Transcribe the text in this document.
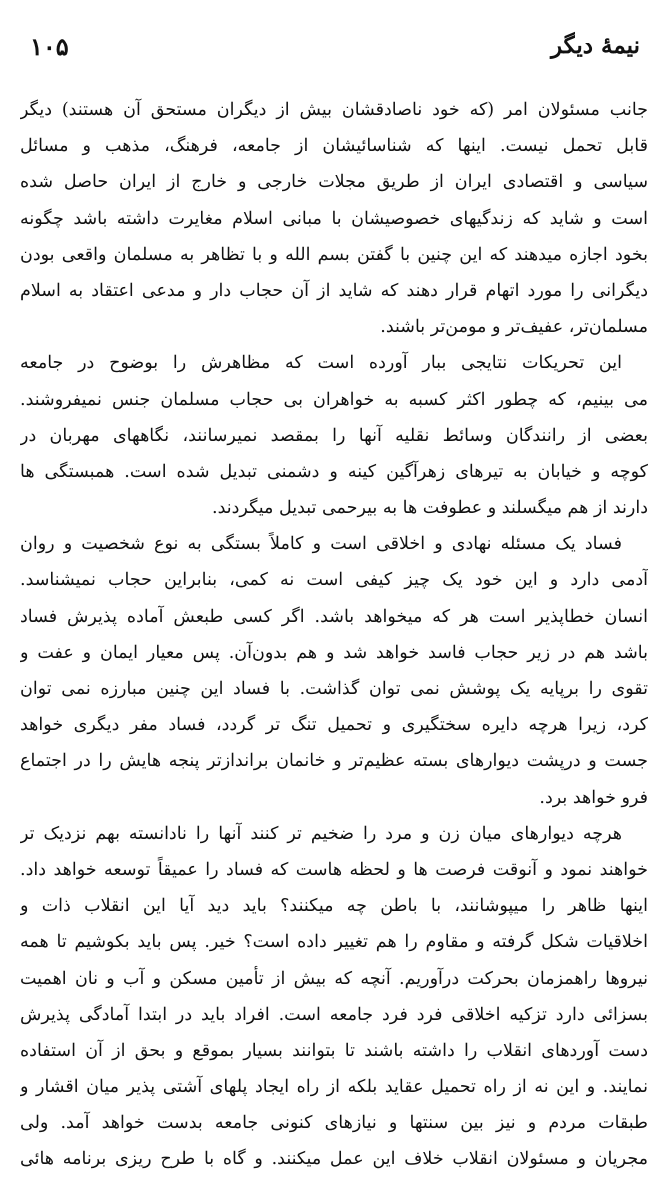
نیمهٔ دیگر
۱۰۵
جانب مسئولان امر (که خود ناصادقشان بیش از دیگران مستحق آن هستند) دیگر
قابل تحمل نیست. اینها که شناسائیشان از جامعه، فرهنگ، مذهب و مسائل
سیاسی و اقتصادی ایران از طریق مجلات خارجی و خارج از ایران حاصل شده
است و شاید که زندگیهای خصوصیشان با مبانی اسلام مغایرت داشته باشد چگونه
بخود اجازه میدهند که این چنین با گفتن بسم الله و با تظاهر به مسلمان واقعی بودن
دیگرانی را مورد اتهام قرار دهند که شاید از آن حجاب دار و مدعی اعتقاد به اسلام
مسلمان‌تر، عفیف‌تر و مومن‌تر باشند.
این تحریکات نتایجی ببار آورده است که مظاهرش را بوضوح در جامعه
می بینیم، که چطور اکثر کسبه به خواهران بی حجاب مسلمان جنس نمیفروشند.
بعضی از رانندگان وسائط نقلیه آنها را بمقصد نمیرسانند، نگاههای مهربان در
کوچه و خیابان به تیرهای زهرآگین کینه و دشمنی تبدیل شده است. همبستگی ها
دارند از هم میگسلند و عطوفت ها به بیرحمی تبدیل میگردند.
فساد یک مسئله نهادی و اخلاقی است و کاملاً بستگی به نوع شخصیت و روان
آدمی دارد و این خود یک چیز کیفی است نه کمی، بنابراین حجاب نمیشناسد.
انسان خطاپذیر است هر که میخواهد باشد. اگر کسی طبعش آماده پذیرش فساد
باشد هم در زیر حجاب فاسد خواهد شد و هم بدون‌آن. پس معیار ایمان و عفت و
تقوی را برپایه یک پوشش نمی توان گذاشت. با فساد این چنین مبارزه نمی توان
کرد، زیرا هرچه دایره سختگیری و تحمیل تنگ تر گردد، فساد مفر دیگری خواهد
جست و درپشت دیوارهای بسته عظیم‌تر و خانمان براندازتر پنجه هایش را در اجتماع
فرو خواهد برد.
هرچه دیوارهای میان زن و مرد را ضخیم تر کنند آنها را نادانسته بهم نزدیک تر
خواهند نمود و آنوقت فرصت ها و لحظه هاست که فساد را عمیقاً توسعه خواهد داد.
اینها ظاهر را میپوشانند، با باطن چه میکنند؟ باید دید آیا این انقلاب ذات و
اخلاقیات شکل گرفته و مقاوم را هم تغییر داده است؟ خیر. پس باید بکوشیم تا همه
نیروها راهمزمان بحرکت درآوریم. آنچه که بیش از تأمین مسکن و آب و نان اهمیت
بسزائی دارد تزکیه اخلاقی فرد فرد جامعه است. افراد باید در ابتدا آمادگی پذیرش
دست آوردهای انقلاب را داشته باشند تا بتوانند بسیار بموقع و بحق از آن استفاده
نمایند. و این نه از راه تحمیل عقاید بلکه از راه ایجاد پلهای آشتی پذیر میان اقشار و
طبقات مردم و نیز بین سنتها و نیازهای کنونی جامعه بدست خواهد آمد. ولی
مجریان و مسئولان انقلاب خلاف این عمل میکنند. و گاه با طرح ریزی برنامه هائی
